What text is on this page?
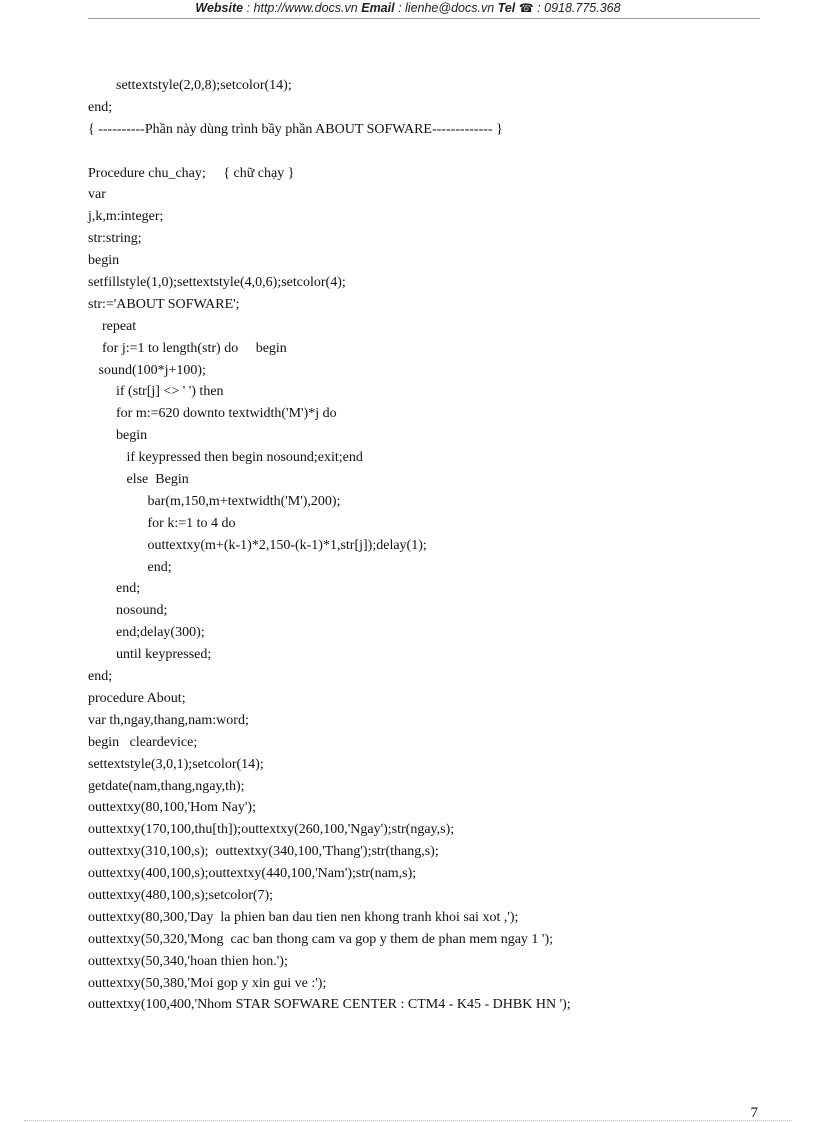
Website : http://www.docs.vn Email : lienhe@docs.vn Tel ☎ : 0918.775.368
settextstyle(2,0,8);setcolor(14);
end;
{ ----------Phần này dùng trình bầy phần ABOUT SOFWARE------------- }
Procedure chu_chay;     { chữ chạy }
var
j,k,m:integer;
str:string;
begin
setfillstyle(1,0);settextstyle(4,0,6);setcolor(4);
str:='ABOUT SOFWARE';
repeat
for j:=1 to length(str) do     begin
sound(100*j+100);
if (str[j] <> ' ') then
for m:=620 downto textwidth('M')*j do
begin
if keypressed then begin nosound;exit;end
else  Begin
bar(m,150,m+textwidth('M'),200);
for k:=1 to 4 do
outtextxy(m+(k-1)*2,150-(k-1)*1,str[j]);delay(1);
end;
end;
nosound;
end;delay(300);
until keypressed;
end;
procedure About;
var th,ngay,thang,nam:word;
begin   cleardevice;
settextstyle(3,0,1);setcolor(14);
getdate(nam,thang,ngay,th);
outtextxy(80,100,'Hom Nay');
outtextxy(170,100,thu[th]);outtextxy(260,100,'Ngay');str(ngay,s);
outtextxy(310,100,s);  outtextxy(340,100,'Thang');str(thang,s);
outtextxy(400,100,s);outtextxy(440,100,'Nam');str(nam,s);
outtextxy(480,100,s);setcolor(7);
outtextxy(80,300,'Day  la phien ban dau tien nen khong tranh khoi sai xot ,');
outtextxy(50,320,'Mong  cac ban thong cam va gop y them de phan mem ngay 1 ');
outtextxy(50,340,'hoan thien hon.');
outtextxy(50,380,'Moi gop y xin gui ve :');
outtextxy(100,400,'Nhom STAR SOFWARE CENTER : CTM4 - K45 - DHBK HN ');
7
